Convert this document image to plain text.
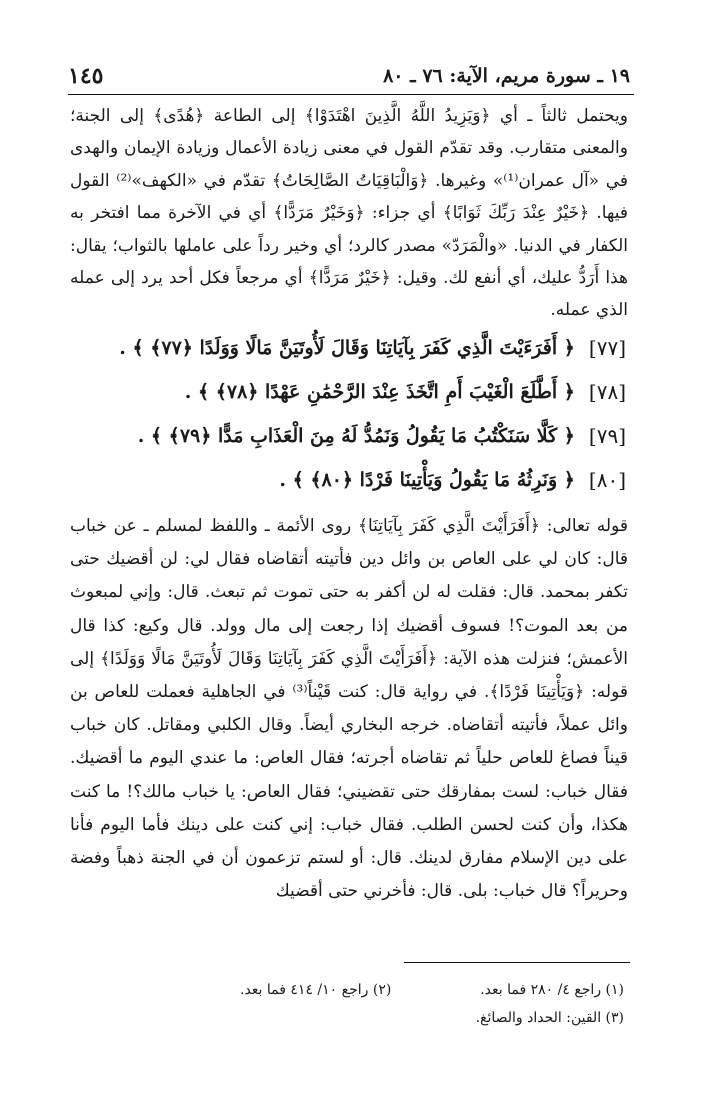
١٩ ـ سورة مريم، الآية: ٧٦ ـ ٨٠
١٤٥
ويحتمل ثالثاً ـ أي ﴿وَيَزِيدُ اللَّهُ الَّذِينَ اهْتَدَوْا﴾ إلى الطاعة ﴿هُدًى﴾ إلى الجنة؛ والمعنى متقارب. وقد تقدّم القول في معنى زيادة الأعمال وزيادة الإيمان والهدى في «آل عمران⁽¹⁾» وغيرها. ﴿وَالْبَاقِيَاتُ الصَّالِحَاتُ﴾ تقدّم في «الكهف»⁽²⁾ القول فيها. ﴿خَيْرٌ عِنْدَ رَبِّكَ ثَوَابًا﴾ أي جزاء: ﴿وَخَيْرٌ مَرَدًّا﴾ أي في الآخرة مما افتخر به الكفار في الدنيا. «والْمَرَدّ» مصدر كالرد؛ أي وخير رداً على عاملها بالثواب؛ يقال: هذا أَرَدُّ عليك، أي أنفع لك. وقيل: ﴿خَيْرٌ مَرَدًّا﴾ أي مرجعاً فكل أحد يرد إلى عمله الذي عمله.
[٧٧]
﴿ أَفَرَءَيْتَ الَّذِي كَفَرَ بِآيَاتِنَا وَقَالَ لَأُوتَيَنَّ مَالًا وَوَلَدًا ﴿٧٧﴾ ﴾ .
[٧٨]
﴿ أَطَّلَعَ الْغَيْبَ أَمِ اتَّخَذَ عِنْدَ الرَّحْمَٰنِ عَهْدًا ﴿٧٨﴾ ﴾ .
[٧٩]
﴿ كَلَّا سَنَكْتُبُ مَا يَقُولُ وَنَمُدُّ لَهُ مِنَ الْعَذَابِ مَدًّا ﴿٧٩﴾ ﴾ .
[٨٠]
﴿ وَنَرِثُهُ مَا يَقُولُ وَيَأْتِينَا فَرْدًا ﴿٨٠﴾ ﴾ .
قوله تعالى: ﴿أَفَرَأَيْتَ الَّذِي كَفَرَ بِآيَاتِنَا﴾ روى الأئمة ـ واللفظ لمسلم ـ عن خباب قال: كان لي على العاص بن وائل دين فأتيته أتقاضاه فقال لي: لن أقضيك حتى تكفر بمحمد. قال: فقلت له لن أكفر به حتى تموت ثم تبعث. قال: وإني لمبعوث من بعد الموت؟! فسوف أقضيك إذا رجعت إلى مال وولد. قال وكيع: كذا قال الأعمش؛ فنزلت هذه الآية: ﴿أَفَرَأَيْتَ الَّذِي كَفَرَ بِآيَاتِنَا وَقَالَ لَأُوتَيَنَّ مَالًا وَوَلَدًا﴾ إلى قوله: ﴿وَيَأْتِينَا فَرْدًا﴾. في رواية قال: كنت قَيْناً⁽³⁾ في الجاهلية فعملت للعاص بن وائل عملاً، فأتيته أتقاضاه. خرجه البخاري أيضاً. وقال الكلبي ومقاتل. كان خباب قيناً فصاغ للعاص حلياً ثم تقاضاه أجرته؛ فقال العاص: ما عندي اليوم ما أقضيك. فقال خباب: لست بمفارقك حتى تقضيني؛ فقال العاص: يا خباب مالك؟! ما كنت هكذا، وأن كنت لحسن الطلب. فقال خباب: إني كنت على دينك فأما اليوم فأنا على دين الإسلام مفارق لدينك. قال: أو لستم تزعمون أن في الجنة ذهباً وفضة وحريراً؟ قال خباب: بلى. قال: فأخرني حتى أقضيك
(١) راجع ٤/ ٢٨٠ فما بعد.
(٢) راجع ١٠/ ٤١٤ فما بعد.
(٣) القين: الحداد والصائغ.
